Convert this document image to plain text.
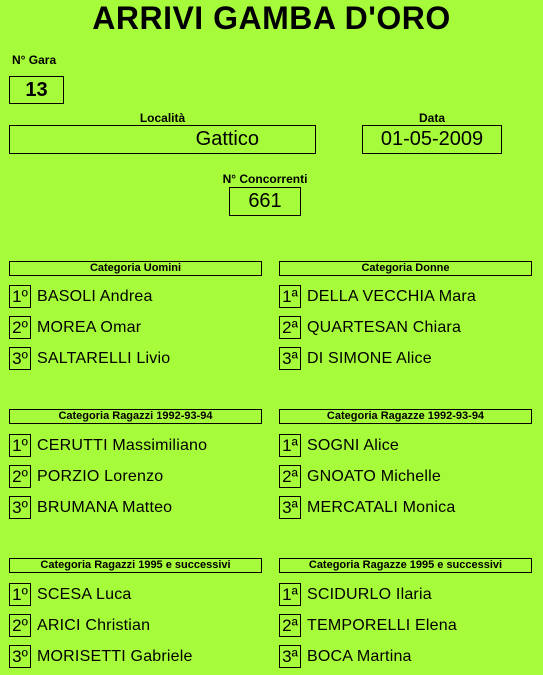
ARRIVI GAMBA D'ORO
N° Gara
13
Località
Gattico
Data
01-05-2009
N° Concorrenti
661
Categoria Uomini
1º BASOLI Andrea
2º MOREA Omar
3º SALTARELLI Livio
Categoria Donne
1ª DELLA VECCHIA Mara
2ª QUARTESAN Chiara
3ª DI SIMONE Alice
Categoria Ragazzi 1992-93-94
1º CERUTTI Massimiliano
2º PORZIO Lorenzo
3º BRUMANA Matteo
Categoria Ragazze 1992-93-94
1ª SOGNI Alice
2ª GNOATO Michelle
3ª MERCATALI Monica
Categoria Ragazzi 1995 e successivi
1º SCESA Luca
2º ARICI Christian
3º MORISETTI Gabriele
Categoria Ragazze 1995 e successivi
1ª SCIDURLO Ilaria
2ª TEMPORELLI Elena
3ª BOCA Martina
